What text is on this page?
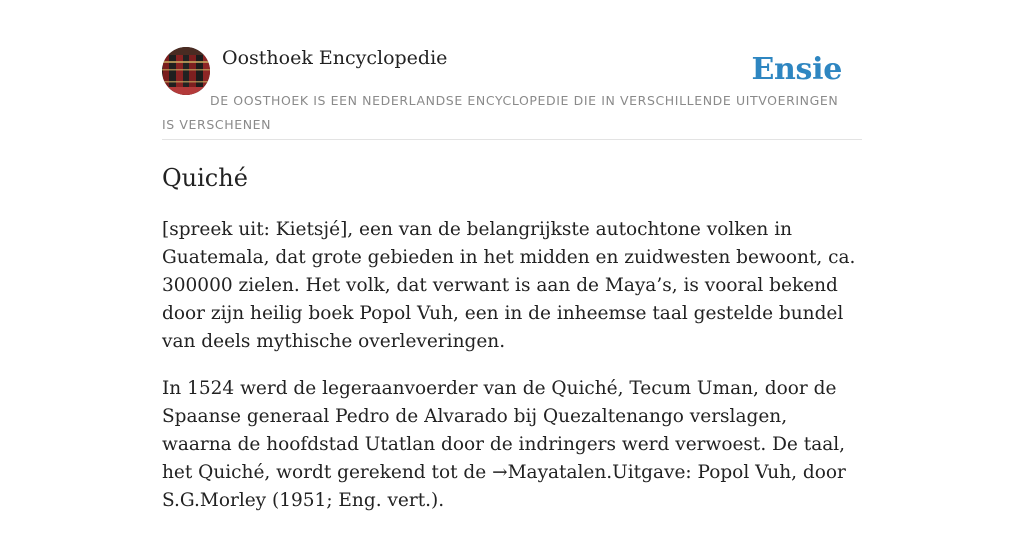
Oosthoek Encyclopedie	Ensie
DE OOSTHOEK IS EEN NEDERLANDSE ENCYCLOPEDIE DIE IN VERSCHILLENDE UITVOERINGEN IS VERSCHENEN
Quiché

[spreek uit: Kietsjé], een van de belangrijkste autochtone volken in Guatemala, dat grote gebieden in het midden en zuidwesten bewoont, ca. 300000 zielen. Het volk, dat verwant is aan de Maya’s, is vooral bekend door zijn heilig boek Popol Vuh, een in de inheemse taal gestelde bundel van deels mythische overleveringen.

In 1524 werd de legeraanvoerder van de Quiché, Tecum Uman, door de Spaanse generaal Pedro de Alvarado bij Quezaltenango verslagen, waarna de hoofdstad Utatlan door de indringers werd verwoest. De taal, het Quiché, wordt gerekend tot de →Mayatalen.Uitgave: Popol Vuh, door S.G.Morley (1951; Eng. vert.).
